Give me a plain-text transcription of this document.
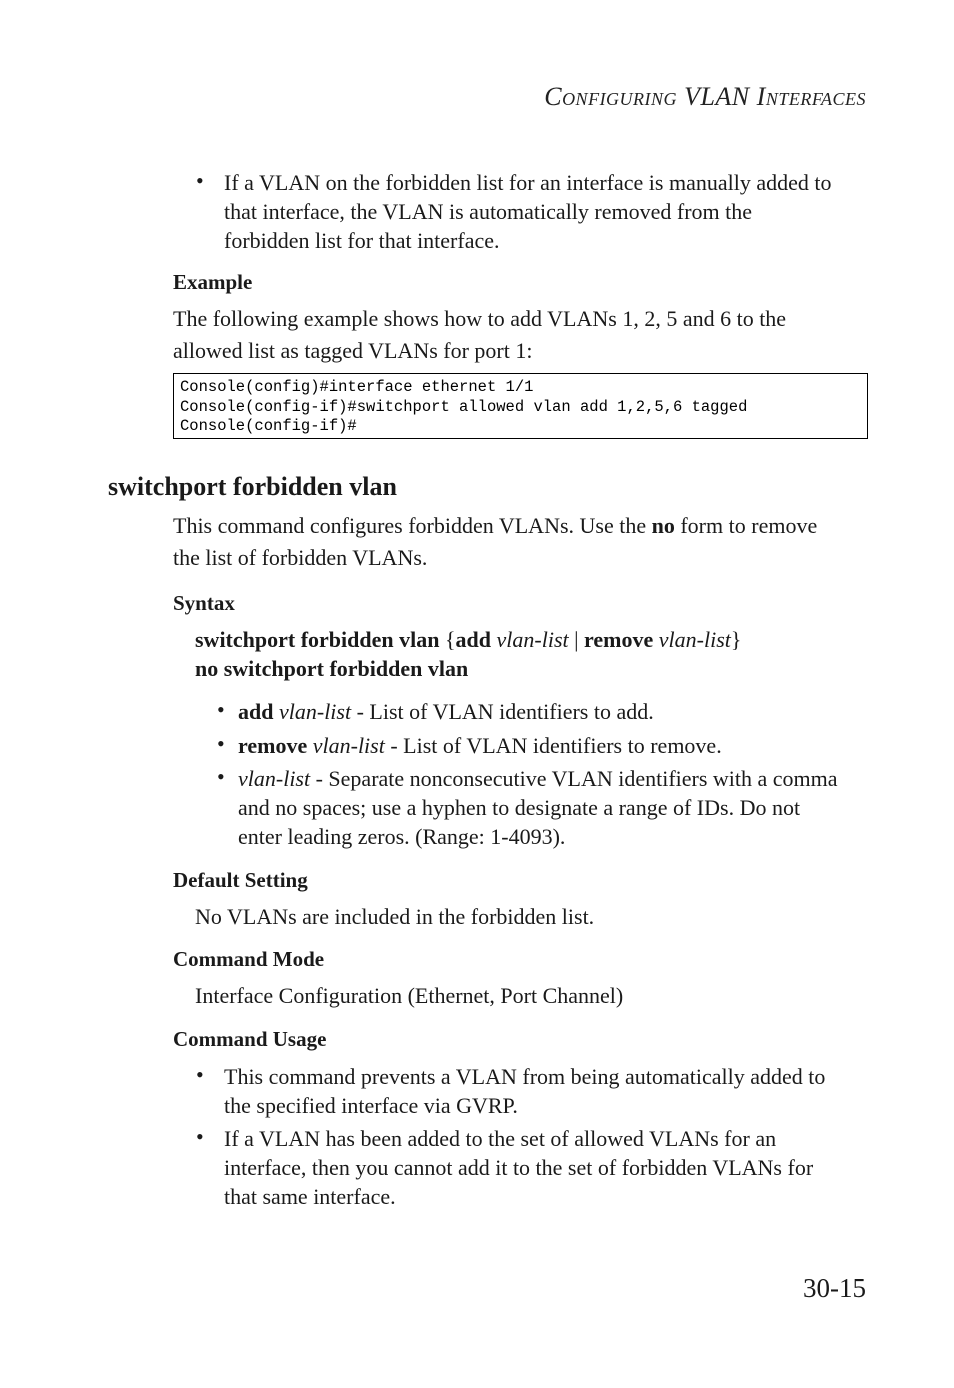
CONFIGURING VLAN INTERFACES
• If a VLAN on the forbidden list for an interface is manually added to
that interface, the VLAN is automatically removed from the
forbidden list for that interface.
Example
The following example shows how to add VLANs 1, 2, 5 and 6 to the
allowed list as tagged VLANs for port 1:
Console(config)#interface ethernet 1/1
Console(config-if)#switchport allowed vlan add 1,2,5,6 tagged
Console(config-if)#
switchport forbidden vlan
This command configures forbidden VLANs. Use the no form to remove
the list of forbidden VLANs.
Syntax
switchport forbidden vlan {add vlan-list | remove vlan-list}
no switchport forbidden vlan
• add vlan-list - List of VLAN identifiers to add.
• remove vlan-list - List of VLAN identifiers to remove.
• vlan-list - Separate nonconsecutive VLAN identifiers with a comma
and no spaces; use a hyphen to designate a range of IDs. Do not
enter leading zeros. (Range: 1-4093).
Default Setting
No VLANs are included in the forbidden list.
Command Mode
Interface Configuration (Ethernet, Port Channel)
Command Usage
• This command prevents a VLAN from being automatically added to
the specified interface via GVRP.
• If a VLAN has been added to the set of allowed VLANs for an
interface, then you cannot add it to the set of forbidden VLANs for
that same interface.
30-15
